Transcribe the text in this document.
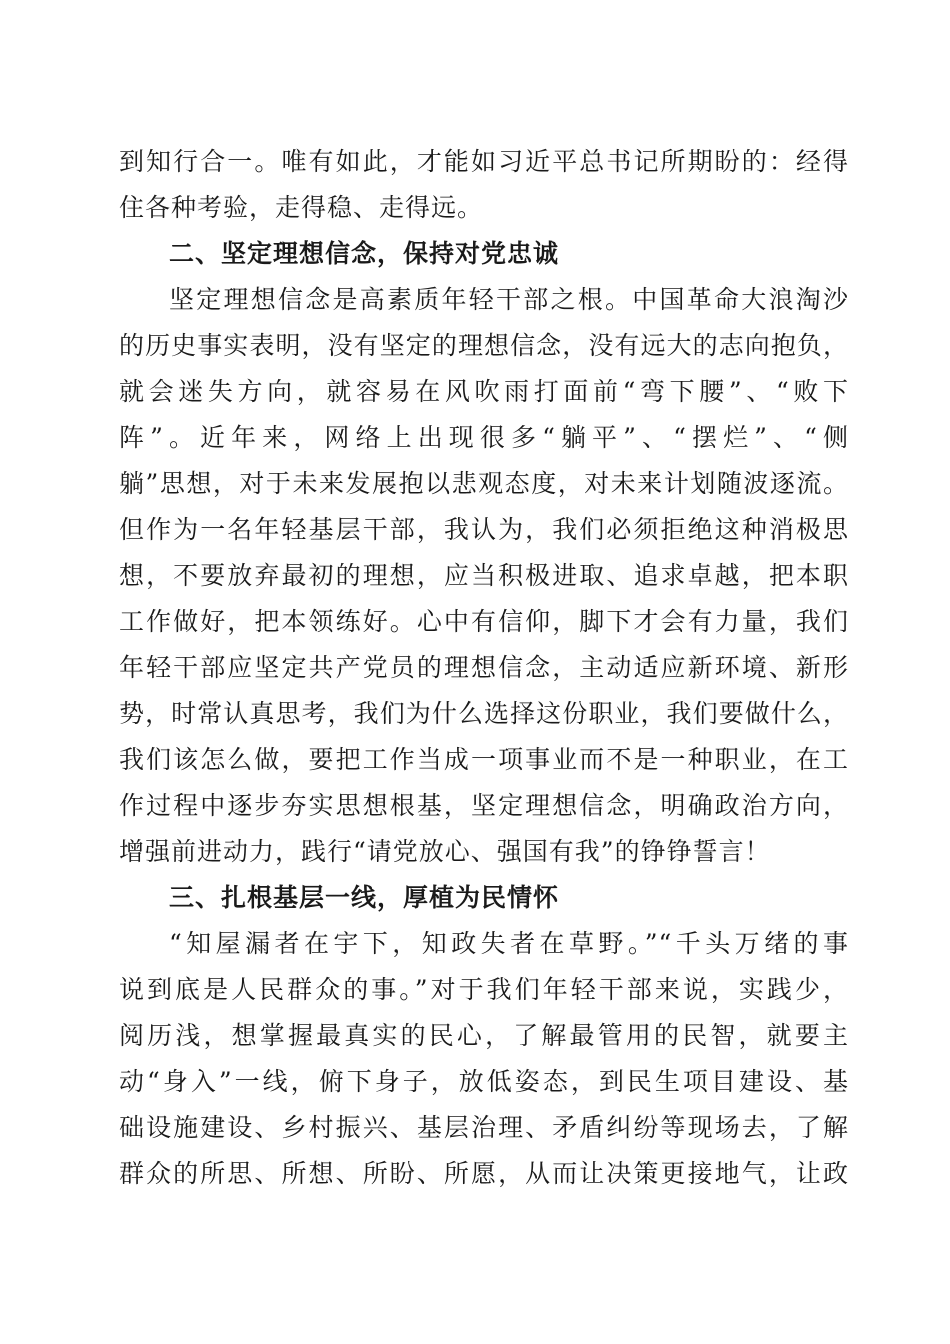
到知行合一。唯有如此，才能如习近平总书记所期盼的：经得
住各种考验，走得稳、走得远。
二、坚定理想信念，保持对党忠诚
坚定理想信念是高素质年轻干部之根。中国革命大浪淘沙
的历史事实表明，没有坚定的理想信念，没有远大的志向抱负，
就会迷失方向，就容易在风吹雨打面前“弯下腰”、“败下
阵”。近年来，网络上出现很多“躺平”、“摆烂”、“侧
躺”思想，对于未来发展抱以悲观态度，对未来计划随波逐流。
但作为一名年轻基层干部，我认为，我们必须拒绝这种消极思
想，不要放弃最初的理想，应当积极进取、追求卓越，把本职
工作做好，把本领练好。心中有信仰，脚下才会有力量，我们
年轻干部应坚定共产党员的理想信念，主动适应新环境、新形
势，时常认真思考，我们为什么选择这份职业，我们要做什么，
我们该怎么做，要把工作当成一项事业而不是一种职业，在工
作过程中逐步夯实思想根基，坚定理想信念，明确政治方向，
增强前进动力，践行“请党放心、强国有我”的铮铮誓言！
三、扎根基层一线，厚植为民情怀
“知屋漏者在宇下，知政失者在草野。”“千头万绪的事
说到底是人民群众的事。”对于我们年轻干部来说，实践少，
阅历浅，想掌握最真实的民心，了解最管用的民智，就要主
动“身入”一线，俯下身子，放低姿态，到民生项目建设、基
础设施建设、乡村振兴、基层治理、矛盾纠纷等现场去，了解
群众的所思、所想、所盼、所愿，从而让决策更接地气，让政
